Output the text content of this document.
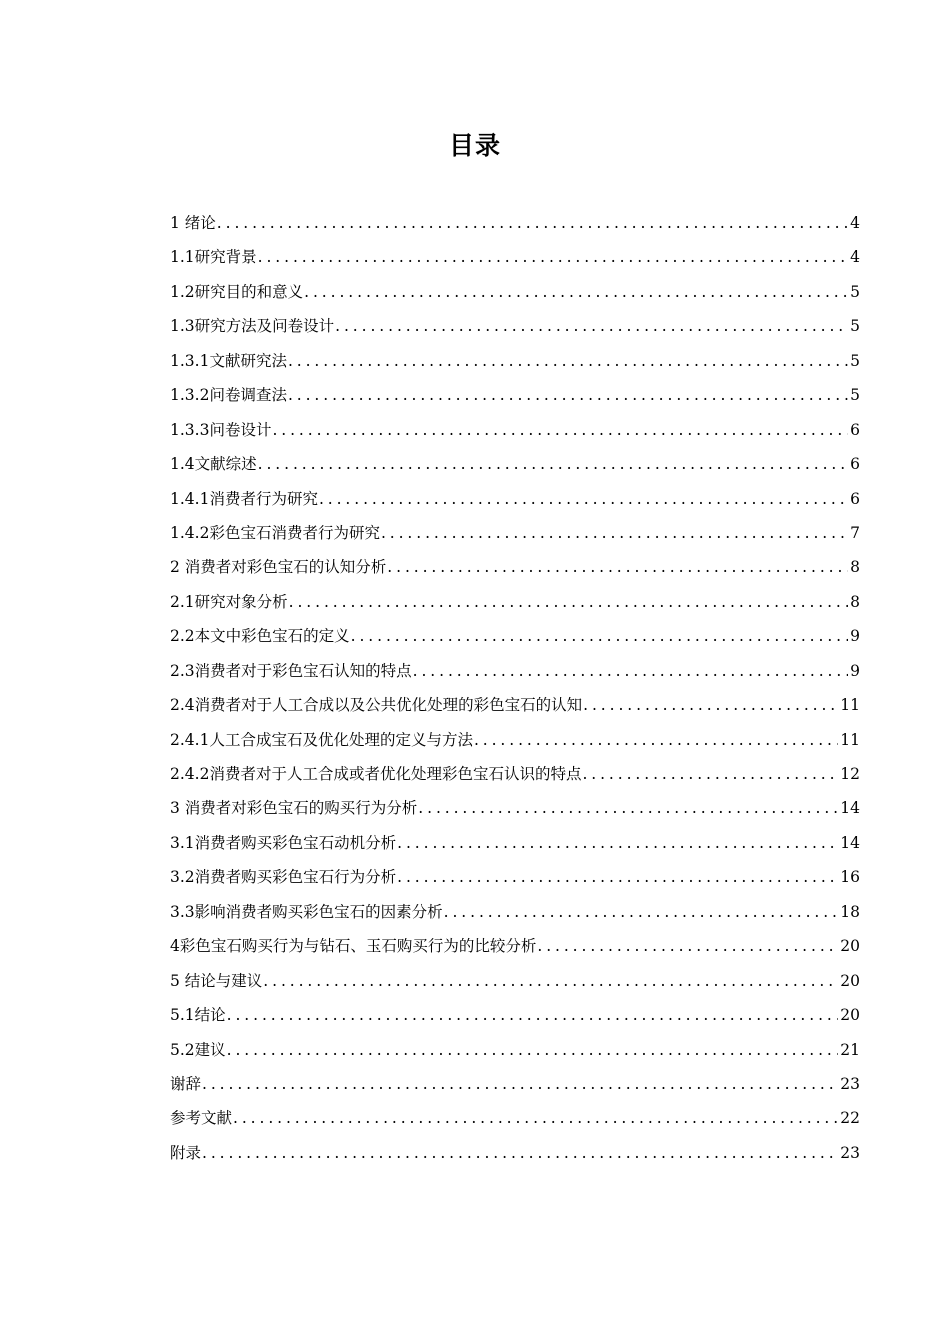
目录
1 绪论 .....	4
1.1研究背景 .....	4
1.2研究目的和意义 .....	5
1.3研究方法及问卷设计 .....	5
1.3.1文献研究法 .....	5
1.3.2问卷调查法 .....	5
1.3.3问卷设计 .....	6
1.4文献综述 .....	6
1.4.1消费者行为研究 .....	6
1.4.2彩色宝石消费者行为研究 .....	7
2 消费者对彩色宝石的认知分析 .....	8
2.1研究对象分析 .....	8
2.2本文中彩色宝石的定义 .....	9
2.3消费者对于彩色宝石认知的特点 .....	9
2.4消费者对于人工合成以及公共优化处理的彩色宝石的认知 .....	11
2.4.1人工合成宝石及优化处理的定义与方法 .....	11
2.4.2消费者对于人工合成或者优化处理彩色宝石认识的特点 .....	12
3 消费者对彩色宝石的购买行为分析 .....	14
3.1消费者购买彩色宝石动机分析 .....	14
3.2消费者购买彩色宝石行为分析 .....	16
3.3影响消费者购买彩色宝石的因素分析 .....	18
4彩色宝石购买行为与钻石、玉石购买行为的比较分析 .....	20
5 结论与建议 .....	20
5.1结论 .....	20
5.2建议 .....	21
谢辞 .....	23
参考文献 .....	22
附录 .....	23
